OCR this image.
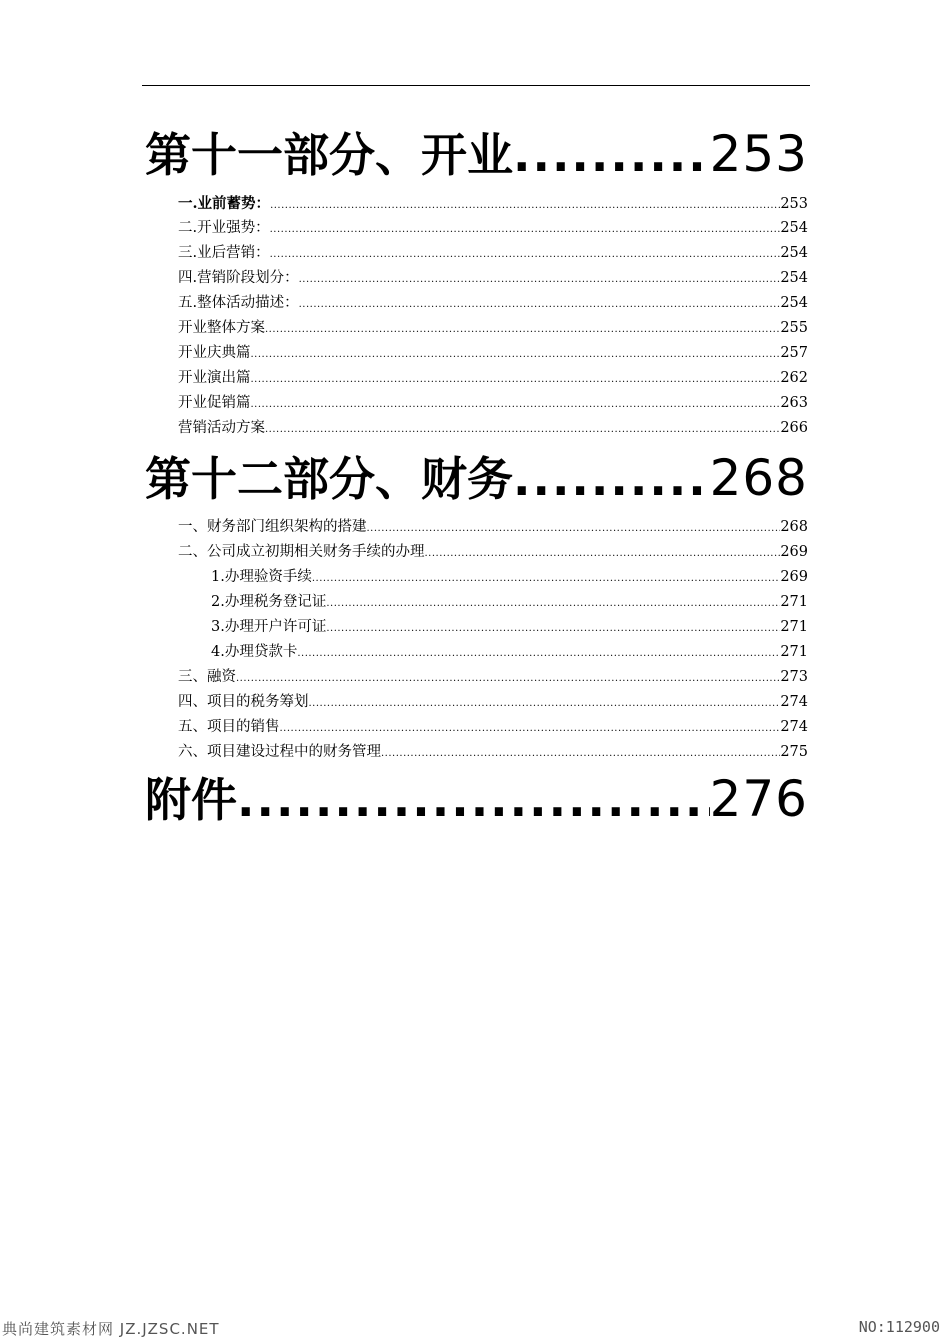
第十一部分、开业 .....	253
一.业前蓄势： .....	253
二.开业强势： .....	254
三.业后营销： .....	254
四.营销阶段划分： .....	254
五.整体活动描述： .....	254
开业整体方案 .....	255
开业庆典篇 .....	257
开业演出篇 .....	262
开业促销篇 .....	263
营销活动方案 .....	266
第十二部分、财务 .....	268
一、财务部门组织架构的搭建 .....	268
二、公司成立初期相关财务手续的办理 .....	269
1.办理验资手续 .....	269
2.办理税务登记证 .....	271
3.办理开户许可证 .....	271
4.办理贷款卡 .....	271
三、融资 .....	273
四、项目的税务筹划 .....	274
五、项目的销售 .....	274
六、项目建设过程中的财务管理 .....	275
附件 .....	276
典尚建筑素材网 JZ.JZSC.NET	NO:112900
